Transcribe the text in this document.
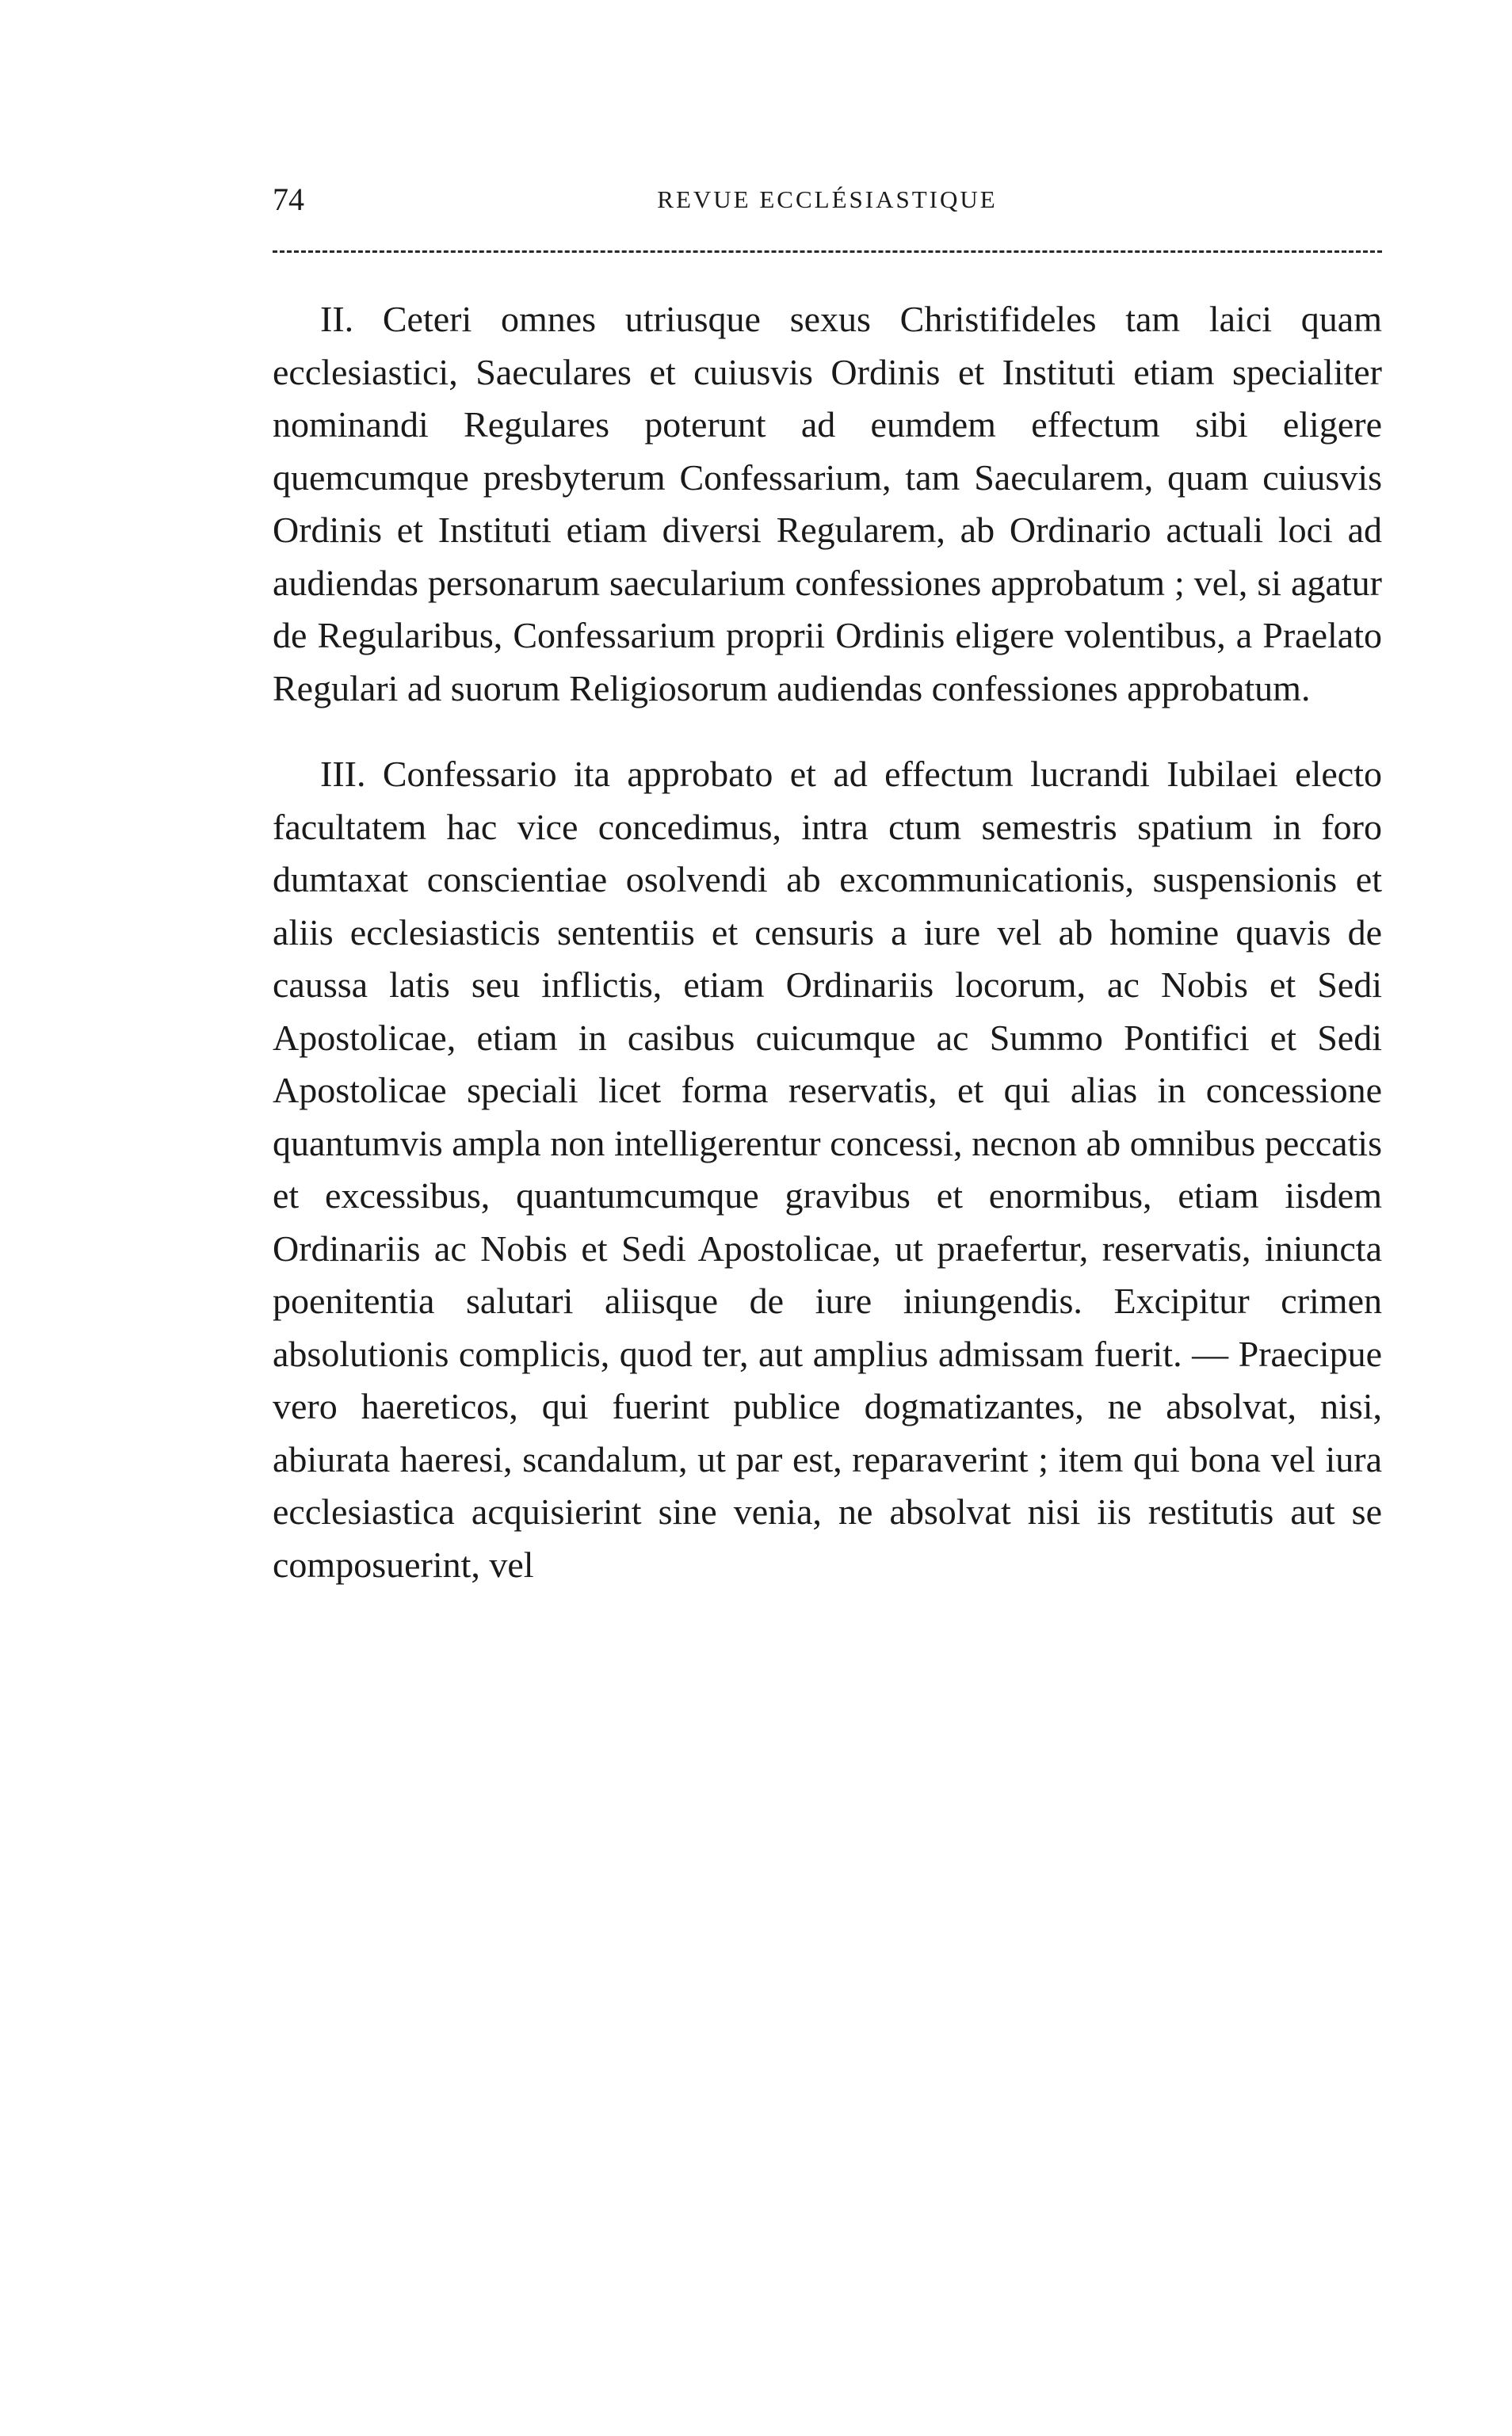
74	REVUE ECCLÉSIASTIQUE

II. Ceteri omnes utriusque sexus Christifideles tam laici quam ecclesiastici, Saeculares et cuiusvis Ordinis et Instituti etiam specialiter nominandi Regulares poterunt ad eumdem effectum sibi eligere quemcumque presbyterum Confessarium, tam Saecularem, quam cuiusvis Ordinis et Instituti etiam diversi Regularem, ab Ordinario actuali loci ad audiendas personarum saecularium confessiones approbatum ; vel, si agatur de Regularibus, Confessarium proprii Ordinis eligere volentibus, a Praelato Regulari ad suorum Religiosorum audiendas confessiones approbatum.

III. Confessario ita approbato et ad effectum lucrandi Iubilaei electo facultatem hac vice concedimus, intra ctum semestris spatium in foro dumtaxat conscientiae osolvendi ab excommunicationis, suspensionis et aliis ecclesiasticis sententiis et censuris a iure vel ab homine quavis de caussa latis seu inflictis, etiam Ordinariis locorum, ac Nobis et Sedi Apostolicae, etiam in casibus cuicumque ac Summo Pontifici et Sedi Apostolicae speciali licet forma reservatis, et qui alias in concessione quantumvis ampla non intelligerentur concessi, necnon ab omnibus peccatis et excessibus, quantumcumque gravibus et enormibus, etiam iisdem Ordinariis ac Nobis et Sedi Apostolicae, ut praefertur, reservatis, iniuncta poenitentia salutari aliisque de iure iniungendis. Excipitur crimen absolutionis complicis, quod ter, aut amplius admissam fuerit. — Praecipue vero haereticos, qui fuerint publice dogmatizantes, ne absolvat, nisi, abiurata haeresi, scandalum, ut par est, reparaverint ; item qui bona vel iura ecclesiastica acquisierint sine venia, ne absolvat nisi iis restitutis aut se composuerint, vel
